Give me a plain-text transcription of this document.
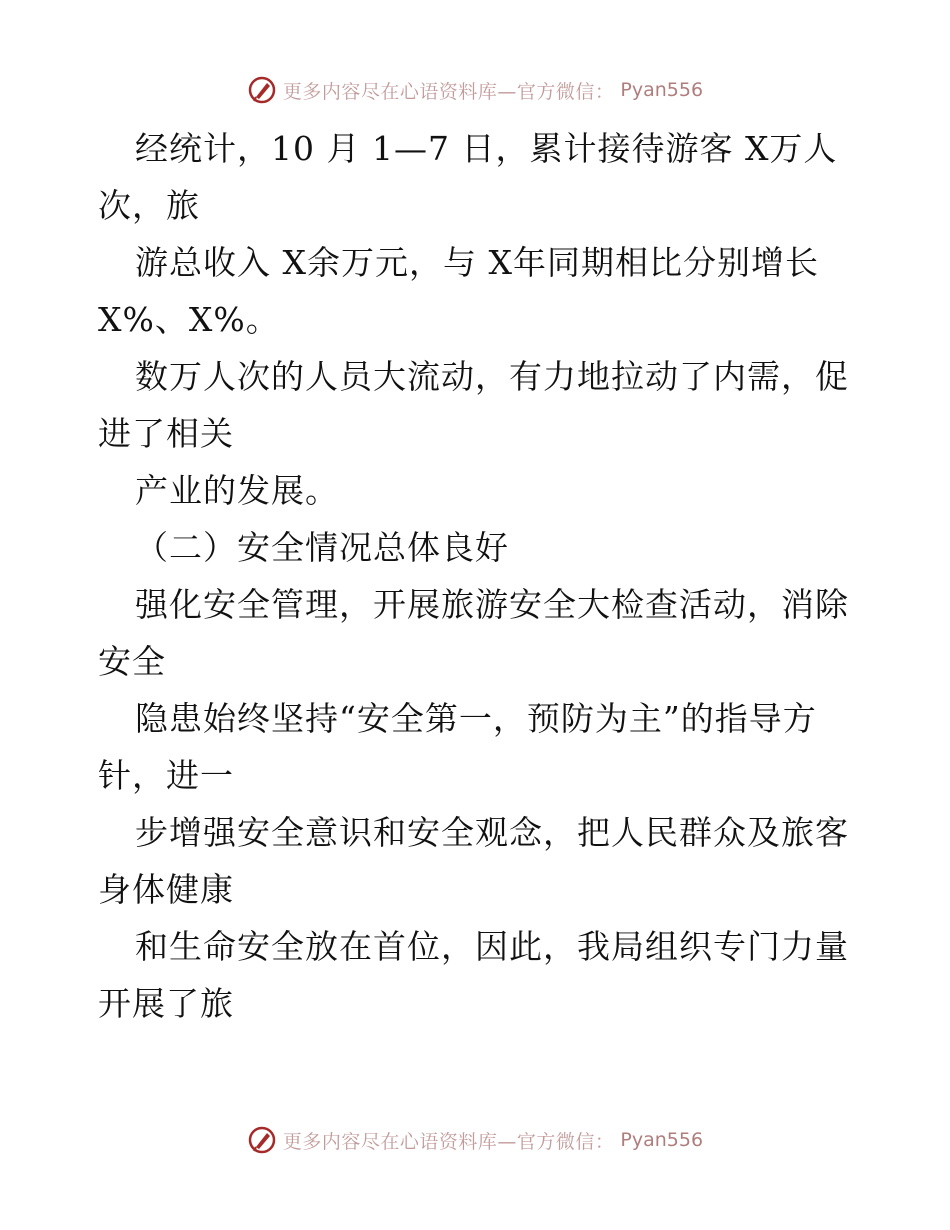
更多内容尽在心语资料库—官方微信： Pyan556
经统计，10 月 1—7 日，累计接待游客 X万人
次，旅
游总收入 X余万元，与 X年同期相比分别增长
X%、X%。
数万人次的人员大流动，有力地拉动了内需，促
进了相关
产业的发展。
（二）安全情况总体良好
强化安全管理，开展旅游安全大检查活动，消除
安全
隐患始终坚持“安全第一，预防为主”的指导方
针，进一
步增强安全意识和安全观念，把人民群众及旅客
身体健康
和生命安全放在首位，因此，我局组织专门力量
开展了旅
更多内容尽在心语资料库—官方微信： Pyan556
